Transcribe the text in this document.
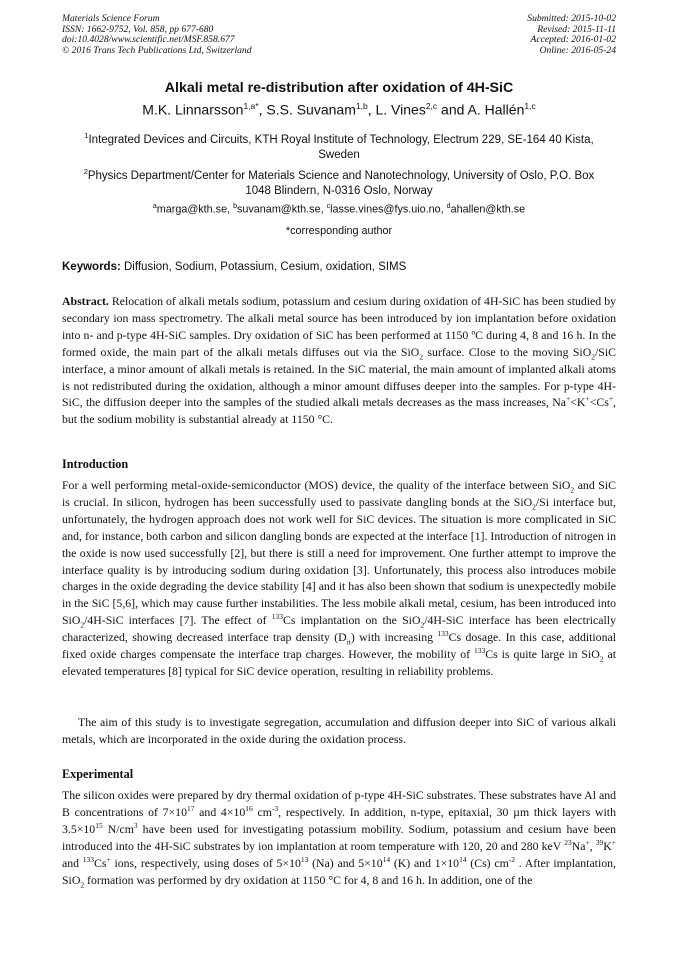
Materials Science Forum
ISSN: 1662-9752, Vol. 858, pp 677-680
doi:10.4028/www.scientific.net/MSF.858.677
© 2016 Trans Tech Publications Ltd, Switzerland
Submitted: 2015-10-02
Revised: 2015-11-11
Accepted: 2016-01-02
Online: 2016-05-24
Alkali metal re-distribution after oxidation of 4H-SiC
M.K. Linnarsson$^{1,a*}$, S.S. Suvanam$^{1,b}$, L. Vines$^{2,c}$ and A. Hallén$^{1,c}$
$^1$Integrated Devices and Circuits, KTH Royal Institute of Technology, Electrum 229, SE-164 40 Kista, Sweden
$^2$Physics Department/Center for Materials Science and Nanotechnology, University of Oslo, P.O. Box 1048 Blindern, N-0316 Oslo, Norway
$^a$marga@kth.se, $^b$suvanam@kth.se, $^c$lasse.vines@fys.uio.no, $^d$ahallen@kth.se
*corresponding author
Keywords: Diffusion, Sodium, Potassium, Cesium, oxidation, SIMS
Abstract. Relocation of alkali metals sodium, potassium and cesium during oxidation of 4H-SiC has been studied by secondary ion mass spectrometry. The alkali metal source has been introduced by ion implantation before oxidation into n- and p-type 4H-SiC samples. Dry oxidation of SiC has been performed at 1150 ºC during 4, 8 and 16 h. In the formed oxide, the main part of the alkali metals diffuses out via the SiO$_2$ surface. Close to the moving SiO$_2$/SiC interface, a minor amount of alkali metals is retained. In the SiC material, the main amount of implanted alkali atoms is not redistributed during the oxidation, although a minor amount diffuses deeper into the samples. For p-type 4H-SiC, the diffusion deeper into the samples of the studied alkali metals decreases as the mass increases, Na+<K+<Cs+, but the sodium mobility is substantial already at 1150 °C.
Introduction
For a well performing metal-oxide-semiconductor (MOS) device, the quality of the interface between SiO$_2$ and SiC is crucial. In silicon, hydrogen has been successfully used to passivate dangling bonds at the SiO$_2$/Si interface but, unfortunately, the hydrogen approach does not work well for SiC devices. The situation is more complicated in SiC and, for instance, both carbon and silicon dangling bonds are expected at the interface [1]. Introduction of nitrogen in the oxide is now used successfully [2], but there is still a need for improvement. One further attempt to improve the interface quality is by introducing sodium during oxidation [3]. Unfortunately, this process also introduces mobile charges in the oxide degrading the device stability [4] and it has also been shown that sodium is unexpectedly mobile in the SiC [5,6], which may cause further instabilities. The less mobile alkali metal, cesium, has been introduced into SiO$_2$/4H-SiC interfaces [7]. The effect of $^{133}$Cs implantation on the SiO$_2$/4H-SiC interface has been electrically characterized, showing decreased interface trap density $(D_{it})$ with increasing $^{133}$Cs dosage. In this case, additional fixed oxide charges compensate the interface trap charges. However, the mobility of $^{133}$Cs is quite large in SiO$_2$ at elevated temperatures [8] typical for SiC device operation, resulting in reliability problems.
The aim of this study is to investigate segregation, accumulation and diffusion deeper into SiC of various alkali metals, which are incorporated in the oxide during the oxidation process.
Experimental
The silicon oxides were prepared by dry thermal oxidation of p-type 4H-SiC substrates. These substrates have Al and B concentrations of $7\times 10^{17}$ and $4\times 10^{16}$ $cm^{-3}$, respectively. In addition, n-type, epitaxial, 30 µm thick layers with $3.5\times 10^{15}$ $N/cm^3$ have been used for investigating potassium mobility. Sodium, potassium and cesium have been introduced into the 4H-SiC substrates by ion implantation at room temperature with 120, 20 and 280 keV $^{23}$Na+, $^{39}$K+ and $^{133}$Cs+ ions, respectively, using doses of $5\times 10^{13}$ (Na) and $5\times 10^{14}$ (K) and $1\times 10^{14}$ (Cs) $cm^{-2}$ . After implantation, SiO$_2$ formation was performed by dry oxidation at 1150 °C for 4, 8 and 16 h. In addition, one of the
